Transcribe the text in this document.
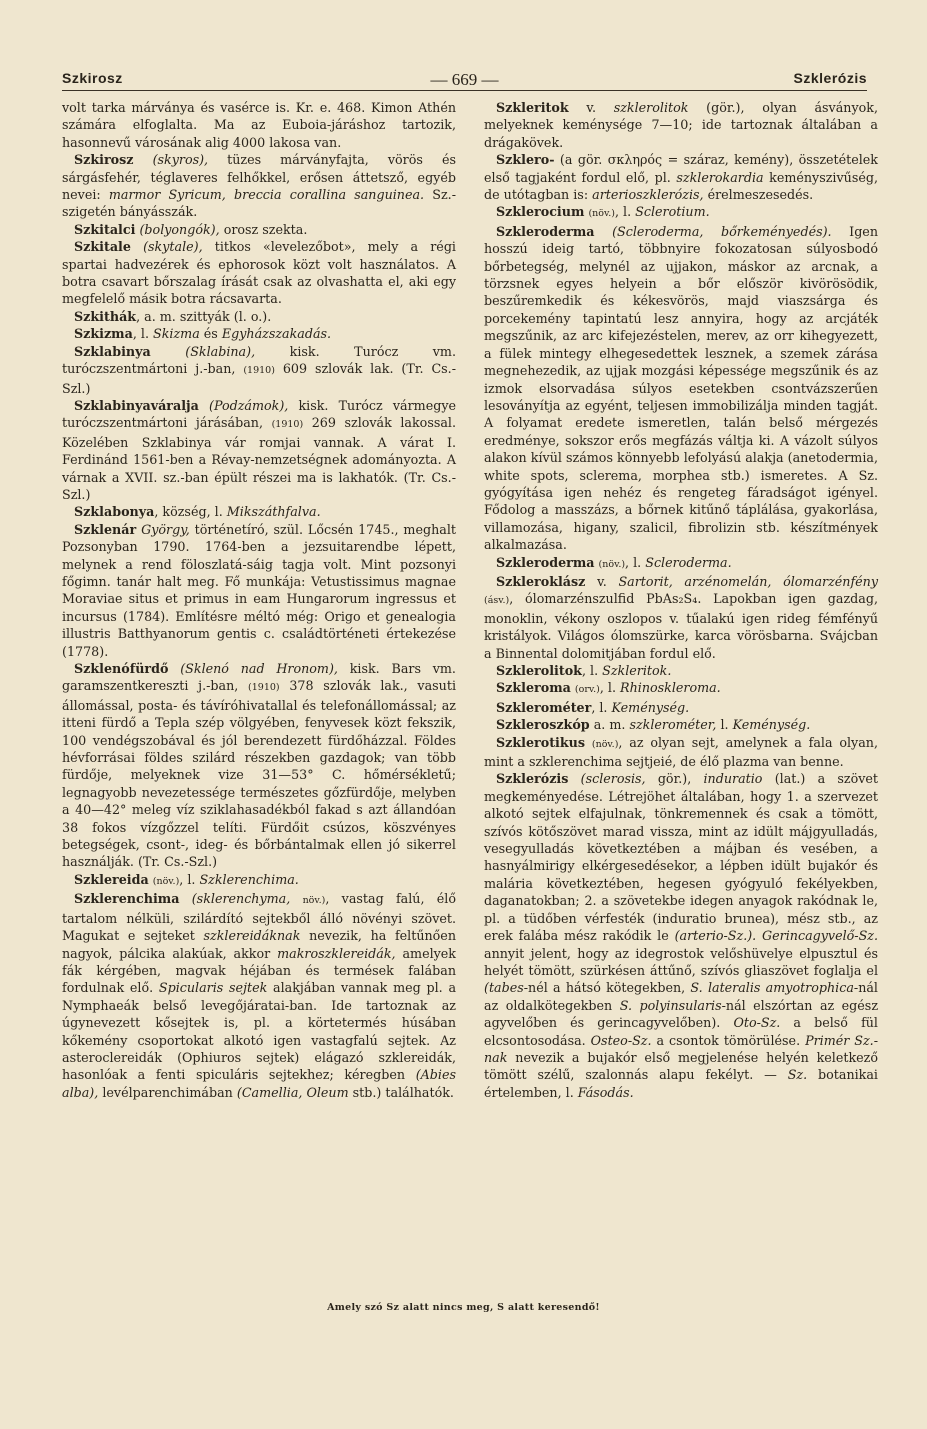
Szkirosz	— 669 —	Szklerózis

volt tarka márványa és vasérce is. Kr. e. 468. Kimon Athén számára elfoglalta. Ma az Euboia-járáshoz tartozik, hasonnevű városának alig 4000 lakosa van.

Szkirosz (skyros), tüzes márványfajta, vörös és sárgásfehér, téglaveres felhőkkel, erősen áttetsző, egyéb nevei: marmor Syricum, breccia corallina sanguinea. Sz.-szigetén bányásszák.

Szkitalci (bolyongók), orosz szekta.

Szkitale (skytale), titkos «levelezőbot», mely a régi spartai hadvezérek és ephorosok közt volt használatos. A botra csavart bőrszalag írását csak az olvashatta el, aki egy megfelelő másik botra rácsavarta.

Szkithák, a. m. szittyák (l. o.).

Szkizma, l. Skizma és Egyházszakadás.

Szklabinya	(Sklabina), kisk. Turócz vm. turóczszentmártoni j.-ban, (1910) 609 szlovák lak. (Tr. Cs.-Szl.)

Szklabinyaváralja (Podzámok), kisk. Turócz vármegye turóczszentmártoni járásában, (1910) 269 szlovák lakossal. Közelében Szklabinya vár romjai vannak. A várat I. Ferdinánd 1561-ben a Révay-nemzetségnek adományozta. A várnak a XVII. sz.-ban épült részei ma is lakhatók. (Tr. Cs.-Szl.)

Szklabonya, község, l. Mikszáthfalva.

Szklenár György, történetíró, szül. Lőcsén 1745., meghalt Pozsonyban 1790. 1764-ben a jezsuitarendbe lépett, melynek a rend föloszlatá-sáig tagja volt. Mint pozsonyi főgimn. tanár halt meg. Fő munkája: Vetustissimus magnae Moraviae situs et primus in eam Hungarorum ingressus et incursus (1784). Említésre méltó még: Origo et genealogia illustris Batthyanorum gentis c. családtörténeti értekezése (1778).

Szklenófürdő (Sklenó nad Hronom), kisk. Bars vm. garamszentkereszti j.-ban, (1910) 378 szlovák lak., vasuti állomással, posta- és távíróhivatallal és telefonállomással; az itteni fürdő a Tepla szép völgyében, fenyvesek közt fekszik, 100 vendégszobával és jól berendezett fürdőházzal. Földes hévforrásai földes szilárd részekben gazdagok; van több fürdője, melyeknek vize 31—53° C. hőmérsékletű; legnagyobb nevezetessége természetes gőzfürdője, melyben a 40—42° meleg víz sziklahasadékból fakad s azt állandóan 38 fokos vízgőzzel telíti. Fürdőit csúzos, köszvényes betegségek, csont-, ideg- és bőrbántalmak ellen jó sikerrel használják. (Tr. Cs.-Szl.)

Szklereida (növ.), l. Szklerenchima.

Szklerenchima (sklerenchyma, növ.), vastag falú, élő tartalom nélküli, szilárdító sejtekből álló növényi szövet. Magukat e sejteket szklereidáknak nevezik, ha feltűnően nagyok, pálcika alakúak, akkor makroszklereidák, amelyek fák kérgében, magvak héjában és termések falában fordulnak elő. Spicularis sejtek alakjában vannak meg pl. a Nymphaeák belső levegőjáratai-ban. Ide tartoznak az úgynevezett kősejtek is, pl. a körtetermés húsában kőkemény csoportokat alkotó igen vastagfalú sejtek. Az asteroclereidák (Ophiuros sejtek) elágazó szklereidák, hasonlóak a fenti spiculáris sejtekhez; kéregben (Abies alba), levélparenchimában (Camellia, Oleum stb.) találhatók.

Szkleritok v. szklerolitok (gör.), olyan ásványok, melyeknek keménysége 7—10; ide tartoznak általában a drágakövek.

Szklero- (a gör. σκληρός = száraz, kemény), összetételek első tagjaként fordul elő, pl. szklerokardia keményszivűség, de utótagban is: arterioszklerózis, érelmeszesedés.

Szklerocium (növ.), l. Sclerotium.

Szkleroderma (Scleroderma, bőrkeményedés). Igen hosszú ideig tartó, többnyire fokozatosan súlyosbodó bőrbetegség, melynél az ujjakon, máskor az arcnak, a törzsnek egyes helyein a bőr először kivörösödik, beszűremkedik és kékesvörös, majd viaszsárga és porcekemény tapintatú lesz annyira, hogy az arcjáték megszűnik, az arc kifejezéstelen, merev, az orr kihegyezett, a fülek mintegy elhegesedettek lesznek, a szemek zárása megnehezedik, az ujjak mozgási képessége megszűnik és az izmok elsorvadása súlyos esetekben csontvázszerűen lesoványítja az egyént, teljesen immobilizálja minden tagját. A folyamat eredete ismeretlen, talán belső mérgezés eredménye, sokszor erős megfázás váltja ki. A vázolt súlyos alakon kívül számos könnyebb lefolyású alakja (anetodermia, white spots, sclerema, morphea stb.) ismeretes. A Sz. gyógyítása igen nehéz és rengeteg fáradságot igényel. Fődolog a masszázs, a bőrnek kitűnő táplálása, gyakorlása, villamozása, higany, szalicil, fibrolizin stb. készítmények alkalmazása.

Szkleroderma (növ.), l. Scleroderma.

Szkleroklász v. Sartorit, arzénomelán, ólomarzénfény (ásv.), ólomarzénszulfid PbAs₂S₄. Lapokban igen gazdag, monoklin, vékony oszlopos v. tűalakú igen rideg fémfényű kristályok. Világos ólomszürke, karca vörösbarna. Svájcban a Binnental dolomitjában fordul elő.

Szklerolitok, l. Szkleritok.

Szkleroma (orv.), l. Rhinoskleroma.

Szklerométer, l. Keménység.

Szkleroszkóp a. m. szklerométer, l. Keménység.

Szklerotikus (növ.), az olyan sejt, amelynek a fala olyan, mint a szklerenchima sejtjeié, de élő plazma van benne.

Szklerózis (sclerosis, gör.), induratio (lat.) a szövet megkeményedése. Létrejöhet általában, hogy 1. a szervezet alkotó sejtek elfajulnak, tönkremennek és csak a tömött, szívós kötőszövet marad vissza, mint az idült májgyulladás, vesegyulladás következtében a májban és vesében, a hasnyálmirigy elkérgesedésekor, a lépben idült bujakór és malária következtében, hegesen gyógyuló fekélyekben, daganatokban; 2. a szövetekbe idegen anyagok rakódnak le, pl. a tüdőben vérfesték (induratio brunea), mész stb., az erek falába mész rakódik le (arterio-Sz.). Gerincagyvelő-Sz. annyit jelent, hogy az idegrostok velőshüvelye elpusztul és helyét tömött, szürkésen áttűnő, szívós gliaszövet foglalja el (tabes-nél a hátsó kötegekben, S. lateralis amyotrophica-nál az oldalkötegekben S. polyinsularis-nál elszórtan az egész agyvelőben és gerincagyvelőben). Oto-Sz. a belső fül elcsontosodása. Osteo-Sz. a csontok tömörülése. Primér Sz.-nak nevezik a bujakór első megjelenése helyén keletkező tömött szélű, szalonnás alapu fekélyt. — Sz. botanikai értelemben, l. Fásodás.

Amely szó Sz alatt nincs meg, S alatt keresendő!
